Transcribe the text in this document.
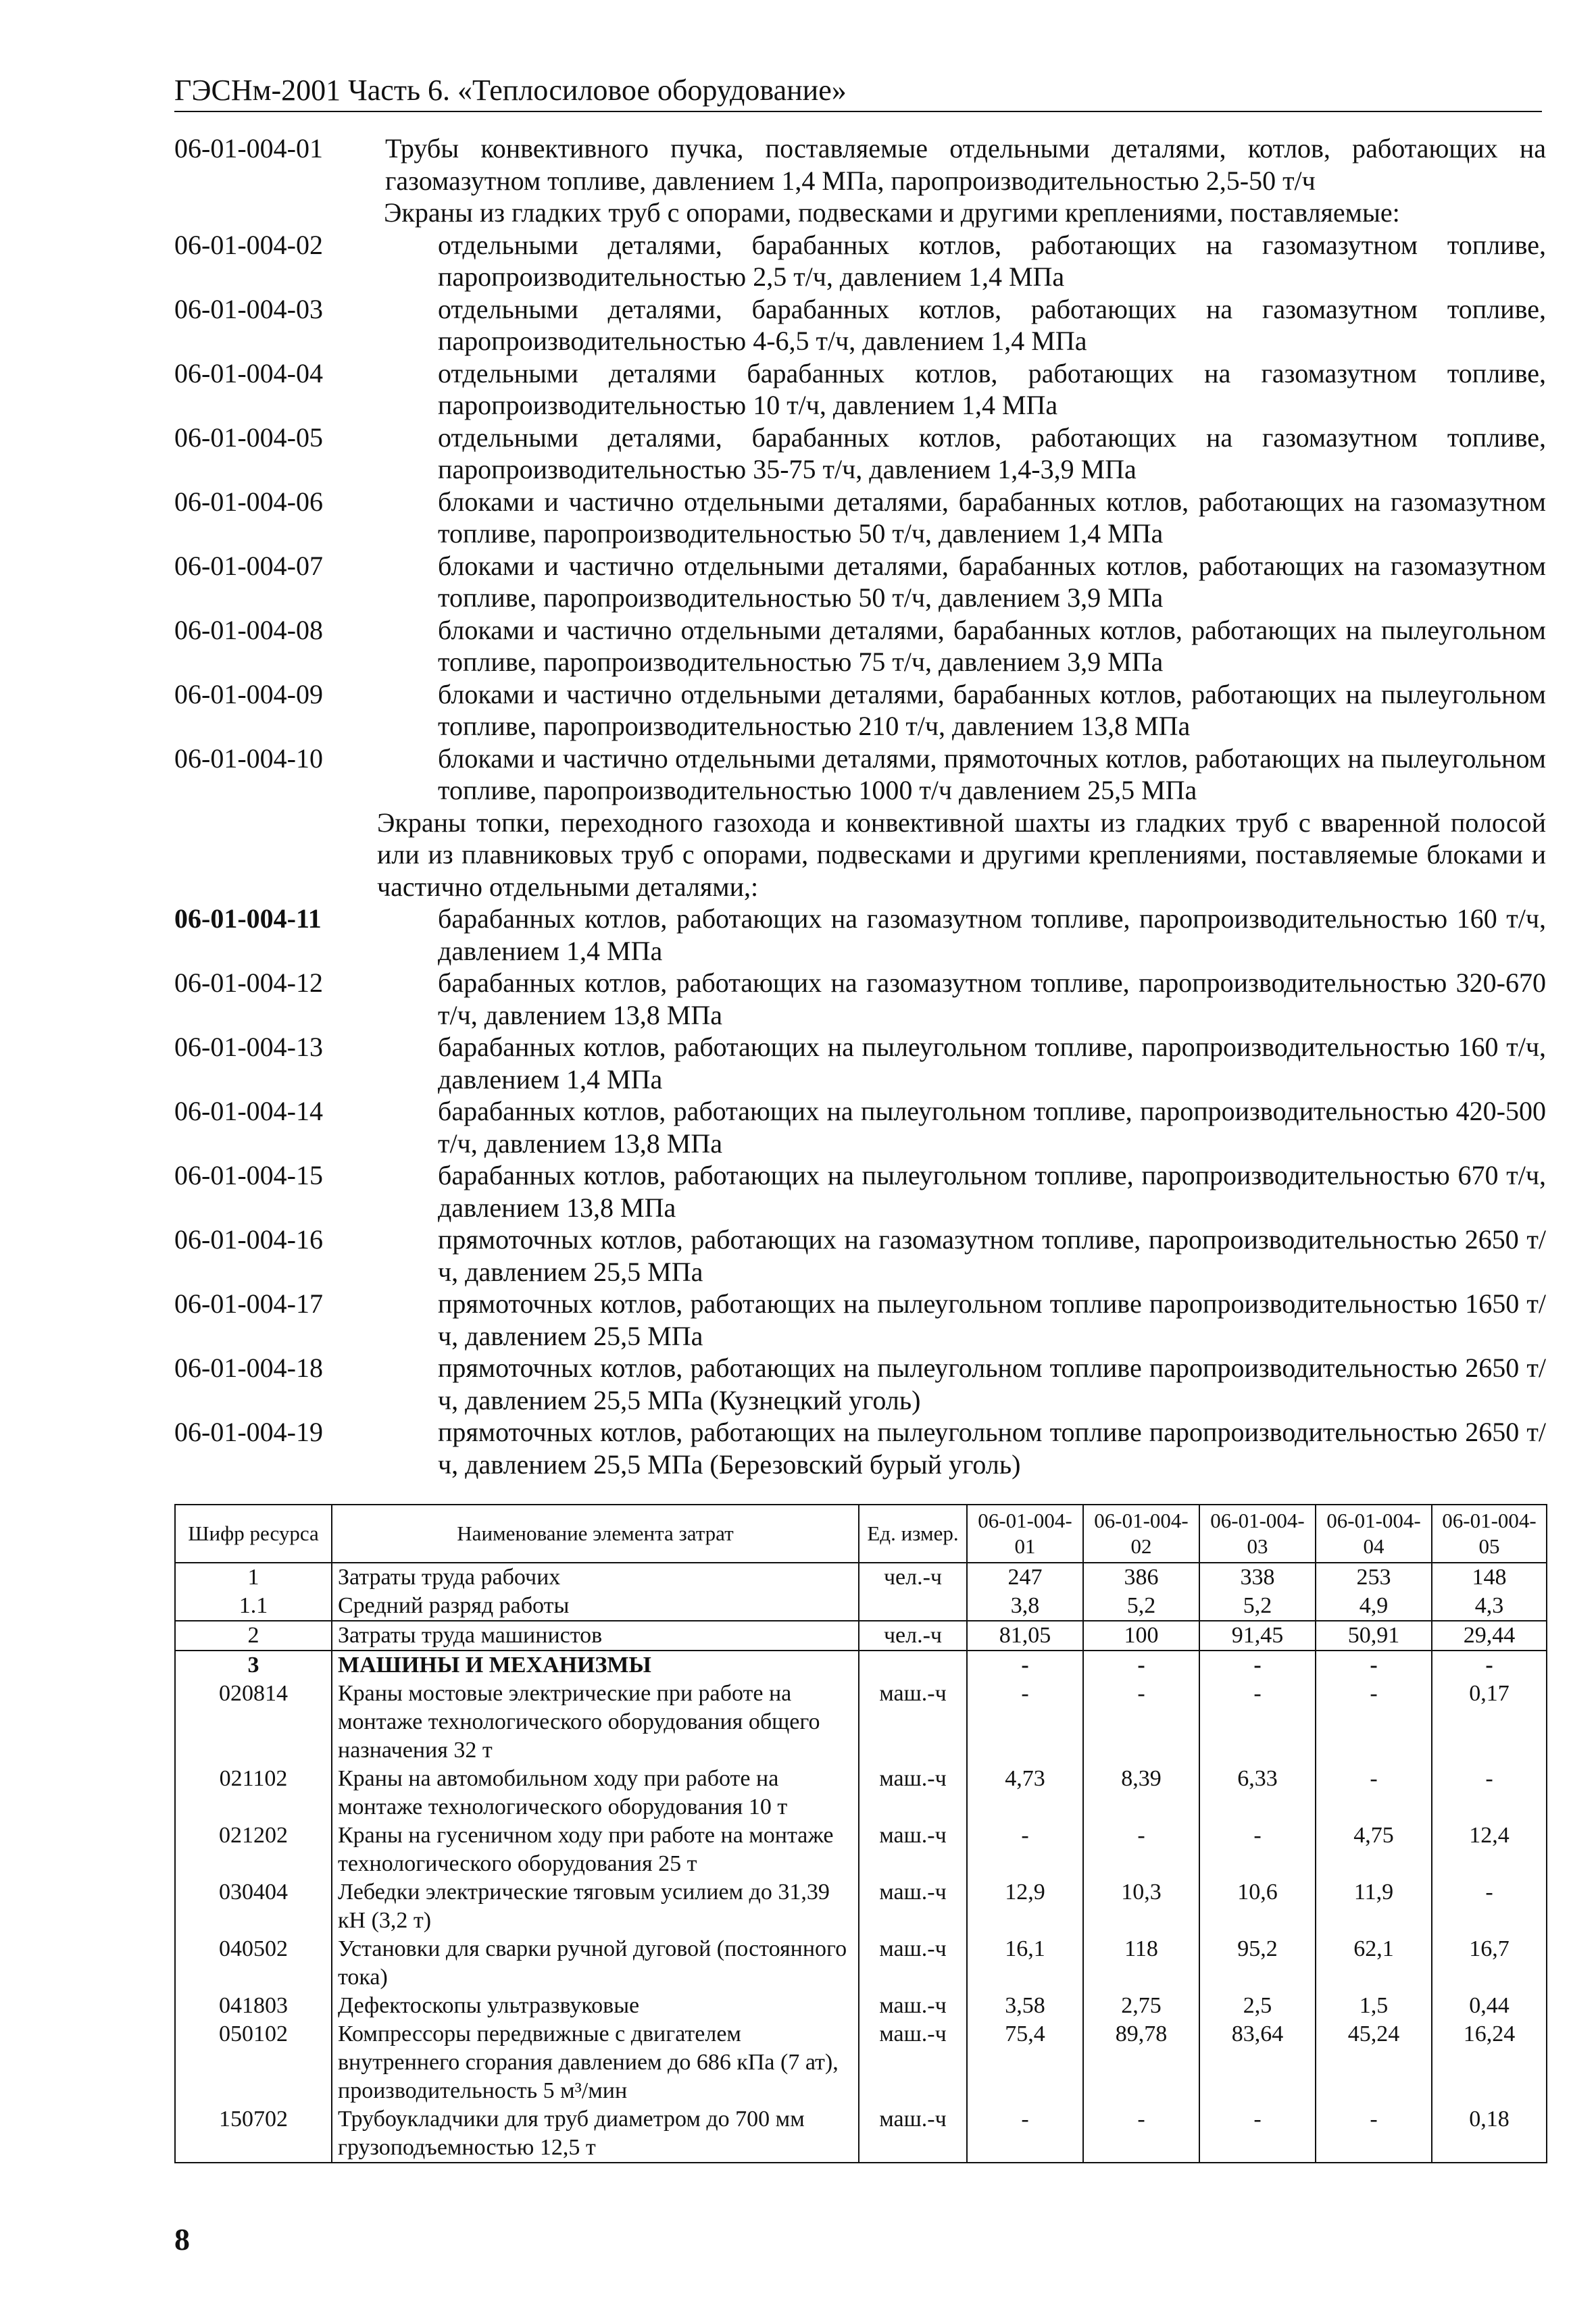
ГЭСНм-2001 Часть 6. «Теплосиловое оборудование»
06-01-004-01 Трубы конвективного пучка, поставляемые отдельными деталями, котлов, работающих на газомазутном топливе, давлением 1,4 МПа, паропроизводительностью 2,5-50 т/ч
Экраны из гладких труб с опорами, подвесками и другими креплениями, поставляемые:
06-01-004-02	отдельными деталями, барабанных котлов, работающих на газомазутном топливе, паропроизводительностью 2,5 т/ч, давлением 1,4 МПа
06-01-004-03	отдельными деталями, барабанных котлов, работающих на газомазутном топливе, паропроизводительностью 4-6,5 т/ч, давлением 1,4 МПа
06-01-004-04	отдельными деталями барабанных котлов, работающих на газомазутном топливе, паропроизводительностью 10 т/ч, давлением 1,4 МПа
06-01-004-05	отдельными деталями, барабанных котлов, работающих на газомазутном топливе, паропроизводительностью 35-75 т/ч, давлением 1,4-3,9 МПа
06-01-004-06	блоками и частично отдельными деталями, барабанных котлов, работающих на газомазутном топливе, паропроизводительностью 50 т/ч, давлением 1,4 МПа
06-01-004-07	блоками и частично отдельными деталями, барабанных котлов, работающих на газомазутном топливе, паропроизводительностью 50 т/ч, давлением 3,9 МПа
06-01-004-08	блоками и частично отдельными деталями, барабанных котлов, работающих на пылеугольном топливе, паропроизводительностью 75 т/ч, давлением 3,9 МПа
06-01-004-09	блоками и частично отдельными деталями, барабанных котлов, работающих на пылеугольном топливе, паропроизводительностью 210 т/ч, давлением 13,8 МПа
06-01-004-10	блоками и частично отдельными деталями, прямоточных котлов, работающих на пылеугольном топливе, паропроизводительностью 1000 т/ч давлением 25,5 МПа
Экраны топки, переходного газохода и конвективной шахты из гладких труб с вваренной полосой или из плавниковых труб с опорами, подвесками и другими креплениями, поставляемые блоками и частично отдельными деталями,:
06-01-004-11	барабанных котлов, работающих на газомазутном топливе, паропроизводительностью 160 т/ч, давлением 1,4 МПа
06-01-004-12	барабанных котлов, работающих на газомазутном топливе, паропроизводительностью 320-670 т/ч, давлением 13,8 МПа
06-01-004-13	барабанных котлов, работающих на пылеугольном топливе, паропроизводительностью 160 т/ч, давлением 1,4 МПа
06-01-004-14	барабанных котлов, работающих на пылеугольном топливе, паропроизводительностью 420-500 т/ч, давлением 13,8 МПа
06-01-004-15	барабанных котлов, работающих на пылеугольном топливе, паропроизводительностью 670 т/ч, давлением 13,8 МПа
06-01-004-16	прямоточных котлов, работающих на газомазутном топливе, паропроизводительностью 2650 т/ч, давлением 25,5 МПа
06-01-004-17	прямоточных котлов, работающих на пылеугольном топливе паропроизводительностью 1650 т/ч, давлением 25,5 МПа
06-01-004-18	прямоточных котлов, работающих на пылеугольном топливе паропроизводительностью 2650 т/ч, давлением 25,5 МПа (Кузнецкий уголь)
06-01-004-19	прямоточных котлов, работающих на пылеугольном топливе паропроизводительностью 2650 т/ч, давлением 25,5 МПа (Березовский бурый уголь)
Шифр ресурса	Наименование элемента затрат	Ед. измер.	06-01-004-01	06-01-004-02	06-01-004-03	06-01-004-04	06-01-004-05
1	Затраты труда рабочих	чел.-ч	247	386	338	253	148
1.1	Средний разряд работы		3,8	5,2	5,2	4,9	4,3
2	Затраты труда машинистов	чел.-ч	81,05	100	91,45	50,91	29,44
3	МАШИНЫ И МЕХАНИЗМЫ		-	-	-	-	-
020814	Краны мостовые электрические при работе на монтаже технологического оборудования общего назначения 32 т	маш.-ч	-	-	-	-	0,17
021102	Краны на автомобильном ходу при работе на монтаже технологического оборудования 10 т	маш.-ч	4,73	8,39	6,33	-	-
021202	Краны на гусеничном ходу при работе на монтаже технологического оборудования 25 т	маш.-ч	-	-	-	4,75	12,4
030404	Лебедки электрические тяговым усилием до 31,39 кН (3,2 т)	маш.-ч	12,9	10,3	10,6	11,9	-
040502	Установки для сварки ручной дуговой (постоянного тока)	маш.-ч	16,1	118	95,2	62,1	16,7
041803	Дефектоскопы ультразвуковые	маш.-ч	3,58	2,75	2,5	1,5	0,44
050102	Компрессоры передвижные с двигателем внутреннего сгорания давлением до 686 кПа (7 ат), производительность 5 м³/мин	маш.-ч	75,4	89,78	83,64	45,24	16,24
150702	Трубоукладчики для труб диаметром до 700 мм грузоподъемностью 12,5 т	маш.-ч	-	-	-	-	0,18
8
